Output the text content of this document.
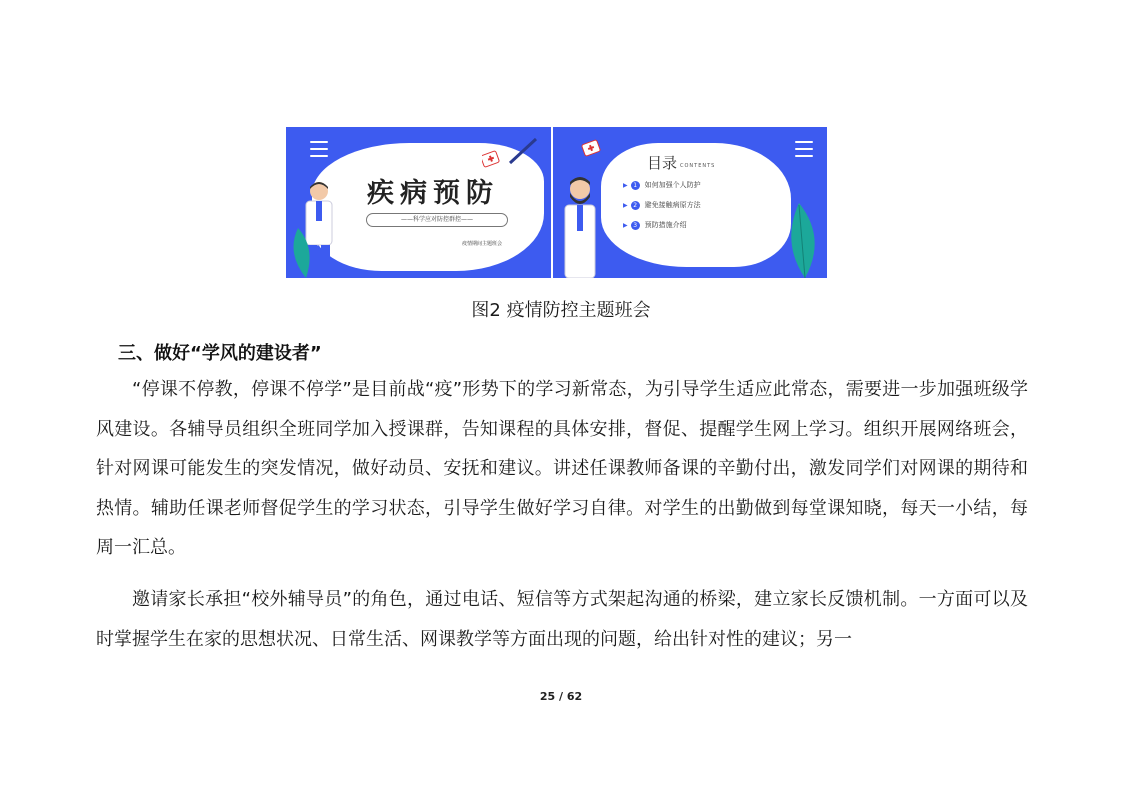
疾病预防
——科学应对防控群控——
疫情期间主题班会
目录 CONTENTS
▶ 1	如何加强个人防护
▶ 2	避免接触病原方法
▶ 3	预防措施介绍
图2 疫情防控主题班会
三、做好“学风的建设者”

“停课不停教，停课不停学”是目前战“疫”形势下的学习新常态，为引导学生适应此常态，需要进一步加强班级学风建设。各辅导员组织全班同学加入授课群，告知课程的具体安排，督促、提醒学生网上学习。组织开展网络班会，针对网课可能发生的突发情况，做好动员、安抚和建议。讲述任课教师备课的辛勤付出，激发同学们对网课的期待和热情。辅助任课老师督促学生的学习状态，引导学生做好学习自律。对学生的出勤做到每堂课知晓，每天一小结，每周一汇总。

邀请家长承担“校外辅导员”的角色，通过电话、短信等方式架起沟通的桥梁，建立家长反馈机制。一方面可以及时掌握学生在家的思想状况、日常生活、网课教学等方面出现的问题，给出针对性的建议；另一

25 / 62
